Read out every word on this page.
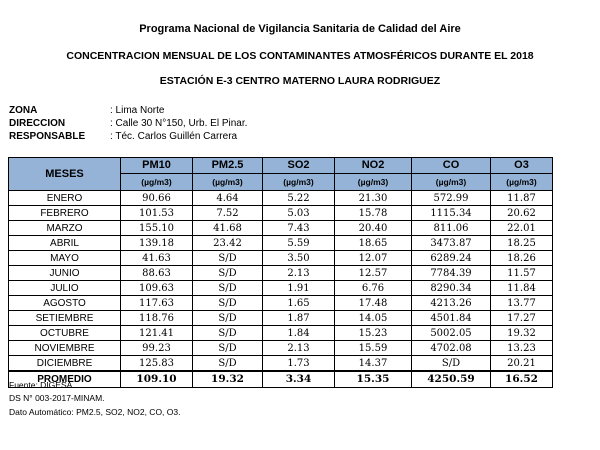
Programa Nacional de Vigilancia Sanitaria de Calidad del Aire
CONCENTRACION MENSUAL DE LOS CONTAMINANTES ATMOSFÉRICOS DURANTE EL 2018
ESTACIÓN E-3 CENTRO MATERNO LAURA RODRIGUEZ
ZONA	: Lima Norte
DIRECCION	: Calle 30 N°150, Urb. El Pinar.
RESPONSABLE : Téc. Carlos Guillén Carrera
MESES	PM10	PM2.5	SO2	NO2	CO	O3
	(µg/m3)	(µg/m3)	(µg/m3)	(µg/m3)	(µg/m3)	(µg/m3)
ENERO	90.66	4.64	5.22	21.30	572.99	11.87
FEBRERO	101.53	7.52	5.03	15.78	1115.34	20.62
MARZO	155.10	41.68	7.43	20.40	811.06	22.01
ABRIL	139.18	23.42	5.59	18.65	3473.87	18.25
MAYO	41.63	S/D	3.50	12.07	6289.24	18.26
JUNIO	88.63	S/D	2.13	12.57	7784.39	11.57
JULIO	109.63	S/D	1.91	6.76	8290.34	11.84
AGOSTO	117.63	S/D	1.65	17.48	4213.26	13.77
SETIEMBRE	118.76	S/D	1.87	14.05	4501.84	17.27
OCTUBRE	121.41	S/D	1.84	15.23	5002.05	19.32
NOVIEMBRE	99.23	S/D	2.13	15.59	4702.08	13.23
DICIEMBRE	125.83	S/D	1.73	14.37	S/D	20.21
PROMEDIO	109.10	19.32	3.34	15.35	4250.59	16.52
Fuente: DIGESA
DS N° 003-2017-MINAM.
Dato Automático: PM2.5, SO2, NO2, CO, O3.
